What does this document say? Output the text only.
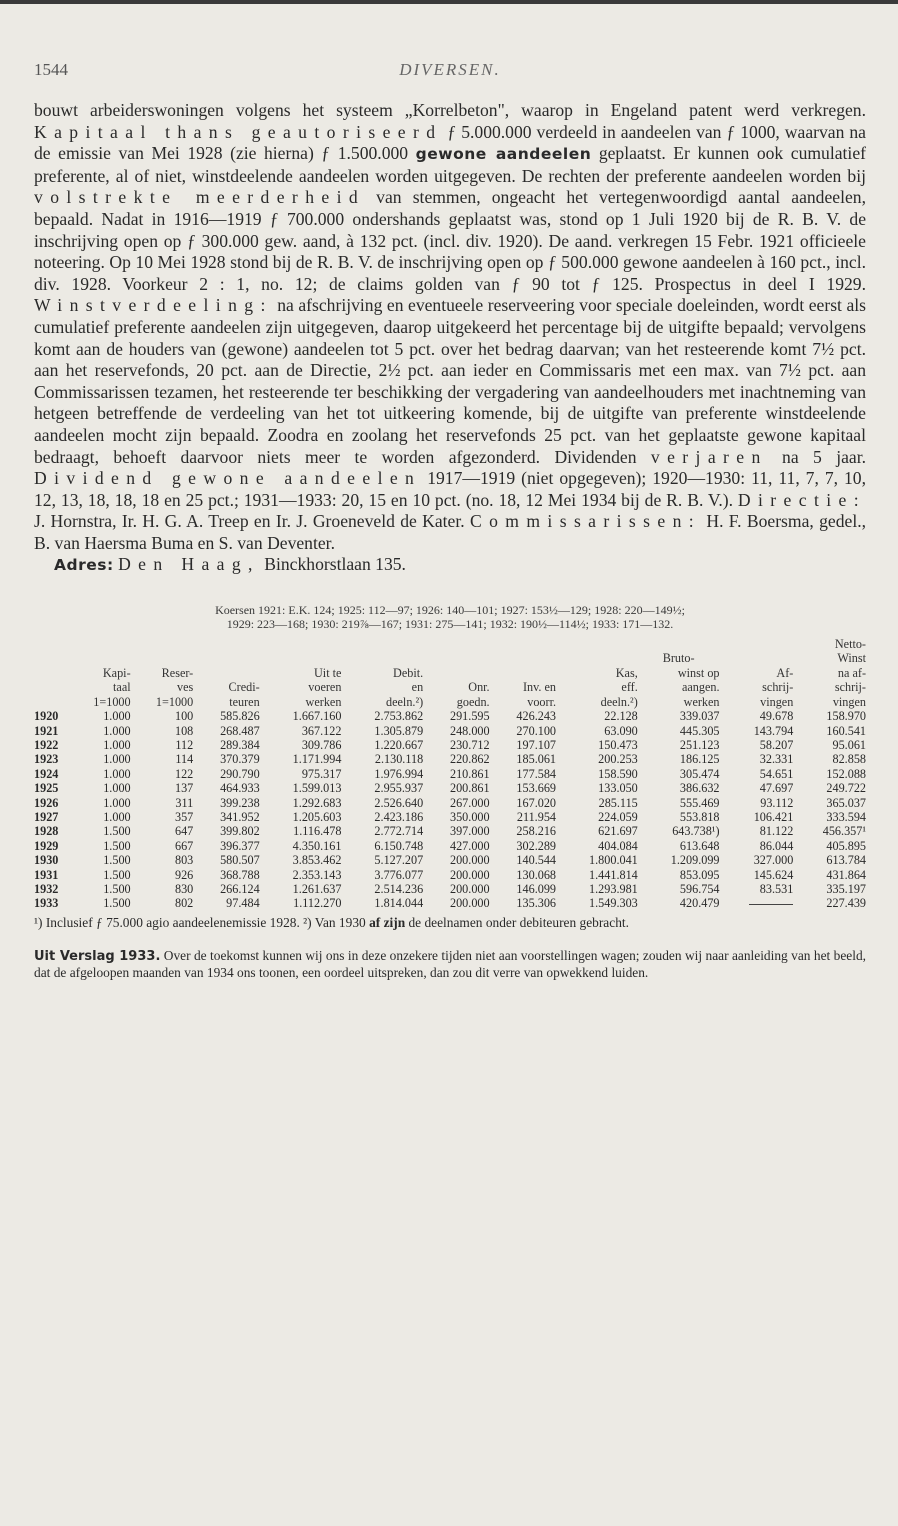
1544	DIVERSEN.

bouwt arbeiderswoningen volgens het systeem „Korrelbeton", waarop in Engeland patent werd verkregen. Kapitaal thans geautoriseerd ƒ 5.000.000 verdeeld in aandeelen van ƒ 1000, waarvan na de emissie van Mei 1928 (zie hierna) ƒ 1.500.000 gewone aandeelen geplaatst. Er kunnen ook cumulatief preferente, al of niet, winstdeelende aandeelen worden uitgegeven. De rechten der preferente aandeelen worden bij volstrekte meerderheid van stemmen, ongeacht het vertegenwoordigd aantal aandeelen, bepaald. Nadat in 1916—1919 ƒ 700.000 ondershands geplaatst was, stond op 1 Juli 1920 bij de R. B. V. de inschrijving open op ƒ 300.000 gew. aand, à 132 pct. (incl. div. 1920). De aand. verkregen 15 Febr. 1921 officieele noteering. Op 10 Mei 1928 stond bij de R. B. V. de inschrijving open op ƒ 500.000 gewone aandeelen à 160 pct., incl. div. 1928. Voorkeur 2 : 1, no. 12; de claims golden van ƒ 90 tot ƒ 125. Prospectus in deel I 1929. Winstverdeeling: na afschrijving en eventueele reserveering voor speciale doeleinden, wordt eerst als cumulatief preferente aandeelen zijn uitgegeven, daarop uitgekeerd het percentage bij de uitgifte bepaald; vervolgens komt aan de houders van (gewone) aandeelen tot 5 pct. over het bedrag daarvan; van het resteerende komt 7½ pct. aan het reservefonds, 20 pct. aan de Directie, 2½ pct. aan ieder en Commissaris met een max. van 7½ pct. aan Commissarissen tezamen, het resteerende ter beschikking der vergadering van aandeelhouders met inachtneming van hetgeen betreffende de verdeeling van het tot uitkeering komende, bij de uitgifte van preferente winstdeelende aandeelen mocht zijn bepaald. Zoodra en zoolang het reservefonds 25 pct. van het geplaatste gewone kapitaal bedraagt, behoeft daarvoor niets meer te worden afgezonderd. Dividenden verjaren na 5 jaar. Dividend gewone aandeelen 1917—1919 (niet opgegeven); 1920—1930: 11, 11, 7, 7, 10, 12, 13, 18, 18, 18 en 25 pct.; 1931—1933: 20, 15 en 10 pct. (no. 18, 12 Mei 1934 bij de R. B. V.). Directie: J. Hornstra, Ir. H. G. A. Treep en Ir. J. Groeneveld de Kater. Commissarissen: H. F. Boersma, gedel., B. van Haersma Buma en S. van Deventer.

Adres: Den Haag, Binckhorstlaan 135.

Koersen 1921: E.K. 124; 1925: 112—97; 1926: 140—101; 1927: 153½—129; 1928: 220—149½;
1929: 223—168; 1930: 219⅞—167; 1931: 275—141; 1932: 190½—114½; 1933: 171—132.
											Netto-
									Bruto-		Winst
	Kapi-	Reser-		Uit te	Debit.			Kas,	winst op	Af-	na af-
	taal	ves	Credi-	voeren	en	Onr.	Inv. en	eff.	aangen.	schrij-	schrij-
	1=1000	1=1000	teuren	werken	deeln.²)	goedn.	voorr.	deeln.²)	werken	vingen	vingen
1920	1.000	100	585.826	1.667.160	2.753.862	291.595	426.243	22.128	339.037	49.678	158.970
1921	1.000	108	268.487	367.122	1.305.879	248.000	270.100	63.090	445.305	143.794	160.541
1922	1.000	112	289.384	309.786	1.220.667	230.712	197.107	150.473	251.123	58.207	95.061
1923	1.000	114	370.379	1.171.994	2.130.118	220.862	185.061	200.253	186.125	32.331	82.858
1924	1.000	122	290.790	975.317	1.976.994	210.861	177.584	158.590	305.474	54.651	152.088
1925	1.000	137	464.933	1.599.013	2.955.937	200.861	153.669	133.050	386.632	47.697	249.722
1926	1.000	311	399.238	1.292.683	2.526.640	267.000	167.020	285.115	555.469	93.112	365.037
1927	1.000	357	341.952	1.205.603	2.423.186	350.000	211.954	224.059	553.818	106.421	333.594
1928	1.500	647	399.802	1.116.478	2.772.714	397.000	258.216	621.697	643.738¹)	81.122	456.357¹
1929	1.500	667	396.377	4.350.161	6.150.748	427.000	302.289	404.084	613.648	86.044	405.895
1930	1.500	803	580.507	3.853.462	5.127.207	200.000	140.544	1.800.041	1.209.099	327.000	613.784
1931	1.500	926	368.788	2.353.143	3.776.077	200.000	130.068	1.441.814	853.095	145.624	431.864
1932	1.500	830	266.124	1.261.637	2.514.236	200.000	146.099	1.293.981	596.754	83.531	335.197
1933	1.500	802	97.484	1.112.270	1.814.044	200.000	135.306	1.549.303	420.479		227.439
¹) Inclusief ƒ 75.000 agio aandeelenemissie 1928. ²) Van 1930 af zijn de deelnamen onder debiteuren gebracht.
Uit Verslag 1933. Over de toekomst kunnen wij ons in deze onzekere tijden niet aan voorstellingen wagen; zouden wij naar aanleiding van het beeld, dat de afgeloopen maanden van 1934 ons toonen, een oordeel uitspreken, dan zou dit verre van opwekkend luiden.
